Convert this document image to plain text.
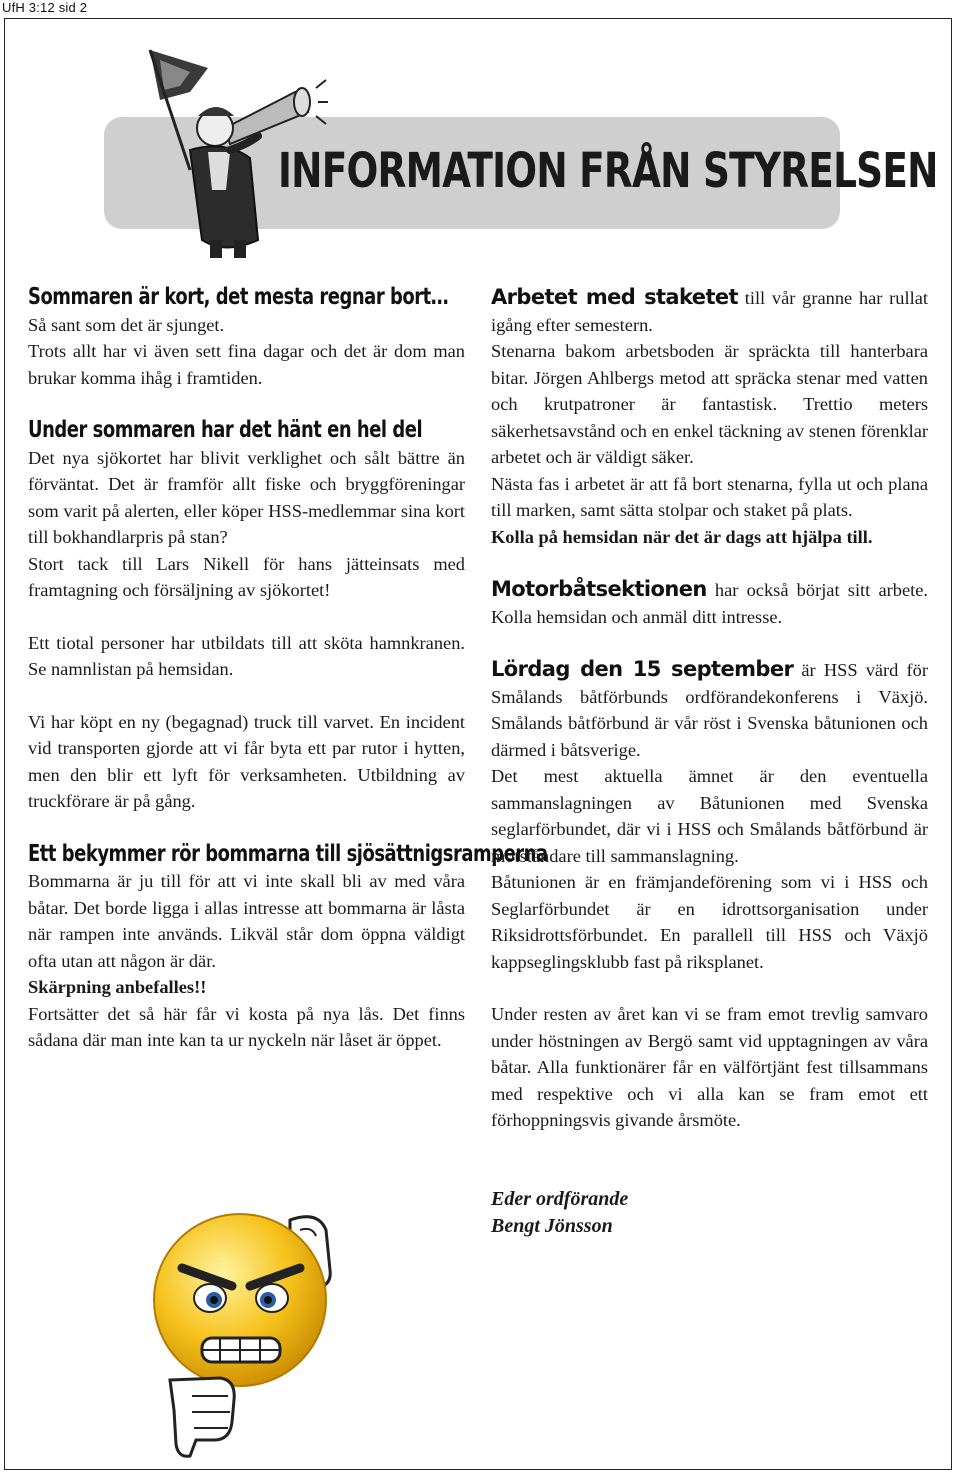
UfH 3:12 sid 2
INFORMATION FRÅN STYRELSEN
Sommaren är kort, det mesta regnar bort…

Så sant som det är sjunget.

Trots allt har vi även sett fina dagar och det är dom man brukar komma ihåg i framtiden.

Under sommaren har det hänt en hel del

Det nya sjökortet har blivit verklighet och sålt bättre än förväntat. Det är framför allt fiske och bryggföreningar som varit på alerten, eller köper HSS-medlemmar sina kort till bokhandlarpris på stan?

Stort tack till Lars Nikell för hans jätteinsats med framtagning och försäljning av sjökortet!

Ett tiotal personer har utbildats till att sköta hamnkranen. Se namnlistan på hemsidan.

Vi har köpt en ny (begagnad) truck till varvet. En incident vid transporten gjorde att vi får byta ett par rutor i hytten, men den blir ett lyft för verksamheten. Utbildning av truckförare är på gång.

Ett bekymmer rör bommarna till sjösättnigsramperna

Bommarna är ju till för att vi inte skall bli av med våra båtar. Det borde ligga i allas intresse att bommarna är låsta när rampen inte används. Likväl står dom öppna väldigt ofta utan att någon är där.

Skärpning anbefalles!!

Fortsätter det så här får vi kosta på nya lås. Det finns sådana där man inte kan ta ur nyckeln när låset är öppet.

Arbetet med staketet till vår granne har rullat igång efter semestern.

Stenarna bakom arbetsboden är spräckta till hanterbara bitar. Jörgen Ahlbergs metod att spräcka stenar med vatten och krutpatroner är fantastisk. Trettio meters säkerhetsavstånd och en enkel täckning av stenen förenklar arbetet och är väldigt säker.

Nästa fas i arbetet är att få bort stenarna, fylla ut och plana till marken, samt sätta stolpar och staket på plats.

Kolla på hemsidan när det är dags att hjälpa till.

Motorbåtsektionen har också börjat sitt arbete. Kolla hemsidan och anmäl ditt intresse.

Lördag den 15 september är HSS värd för Smålands båtförbunds ordförandekonferens i Växjö. Smålands båtförbund är vår röst i Svenska båtunionen och därmed i båtsverige.

Det mest aktuella ämnet är den eventuella sammanslagningen av Båtunionen med Svenska seglarförbundet, där vi i HSS och Smålands båtförbund är motståndare till sammanslagning.

Båtunionen är en främjandeförening som vi i HSS och Seglarförbundet är en idrottsorganisation under Riksidrottsförbundet. En parallell till HSS och Växjö kappseglingsklubb fast på riksplanet.

Under resten av året kan vi se fram emot trevlig samvaro under höstningen av Bergö samt vid upptagningen av våra båtar. Alla funktionärer får en välförtjänt fest tillsammans med respektive och vi alla kan se fram emot ett förhoppningsvis givande årsmöte.

Eder ordförande
Bengt Jönsson
